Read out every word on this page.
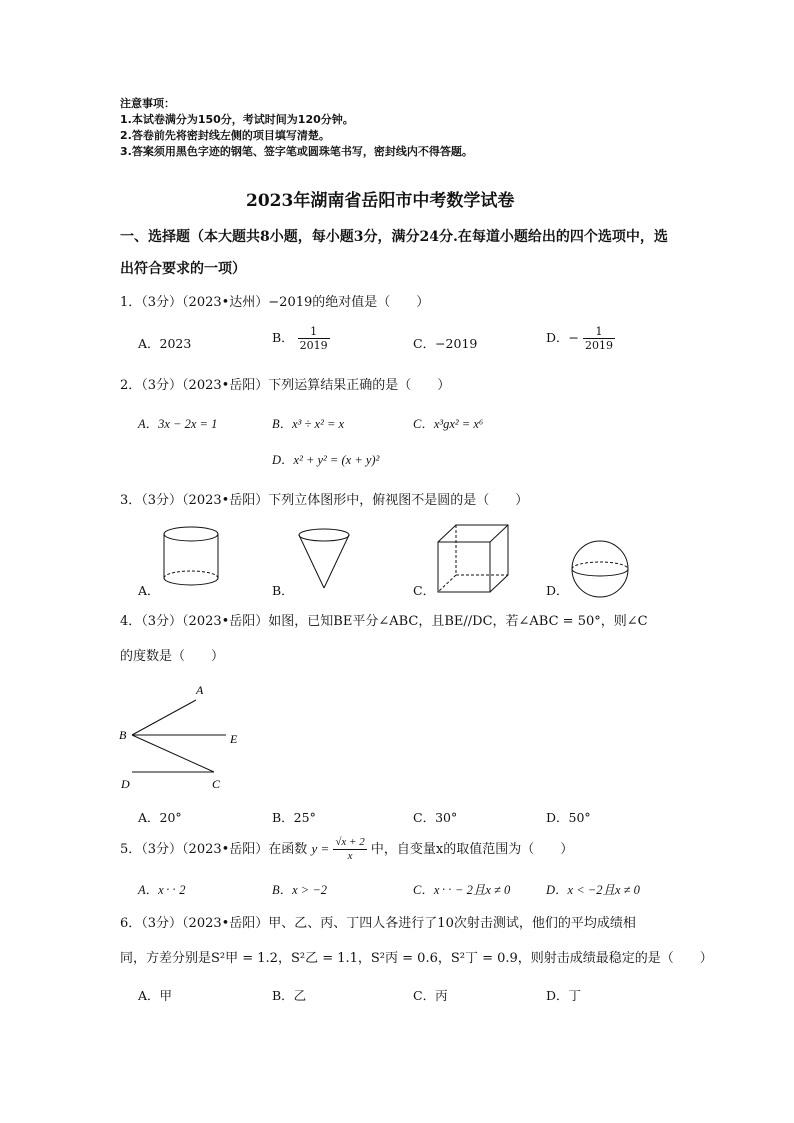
注意事项：
1.本试卷满分为150分，考试时间为120分钟。
2.答卷前先将密封线左侧的项目填写清楚。
3.答案须用黑色字迹的钢笔、签字笔或圆珠笔书写，密封线内不得答题。
2023年湖南省岳阳市中考数学试卷
一、选择题（本大题共8小题，每小题3分，满分24分.在每道小题给出的四个选项中，选
出符合要求的一项）
1．（3分）（2023•达州）−2019的绝对值是（　　）
A．2023	B． $\frac{1}{2019}$	C．−2019	D．− $\frac{1}{2019}$
2．（3分）（2023•岳阳）下列运算结果正确的是（　　）
A．3x − 2x = 1	B．x³ ÷ x² = x	C．x³gx² = x⁶
D．x² + y² = (x + y)²
3．（3分）（2023•岳阳）下列立体图形中，俯视图不是圆的是（　　）
A．	B．	C．	D．
4．（3分）（2023•岳阳）如图，已知BE平分∠ABC，且BE//DC，若∠ABC = 50°，则∠C
的度数是（　　）
A
B	E
D	C
A．20°	B．25°	C．30°	D．50°
5．（3分）（2023•岳阳）在函数 $y = \frac{√x + 2}{x}$ 中，自变量x的取值范围为（　　）
A．x‥ 2	B．x > −2	C．x‥ − 2且x ≠ 0	D．x < −2且x ≠ 0
6．（3分）（2023•岳阳）甲、乙、丙、丁四人各进行了10次射击测试，他们的平均成绩相
同，方差分别是S²甲 = 1.2，S²乙 = 1.1，S²丙 = 0.6，S²丁 = 0.9，则射击成绩最稳定的是（　　）
A．甲	B．乙	C．丙	D．丁
